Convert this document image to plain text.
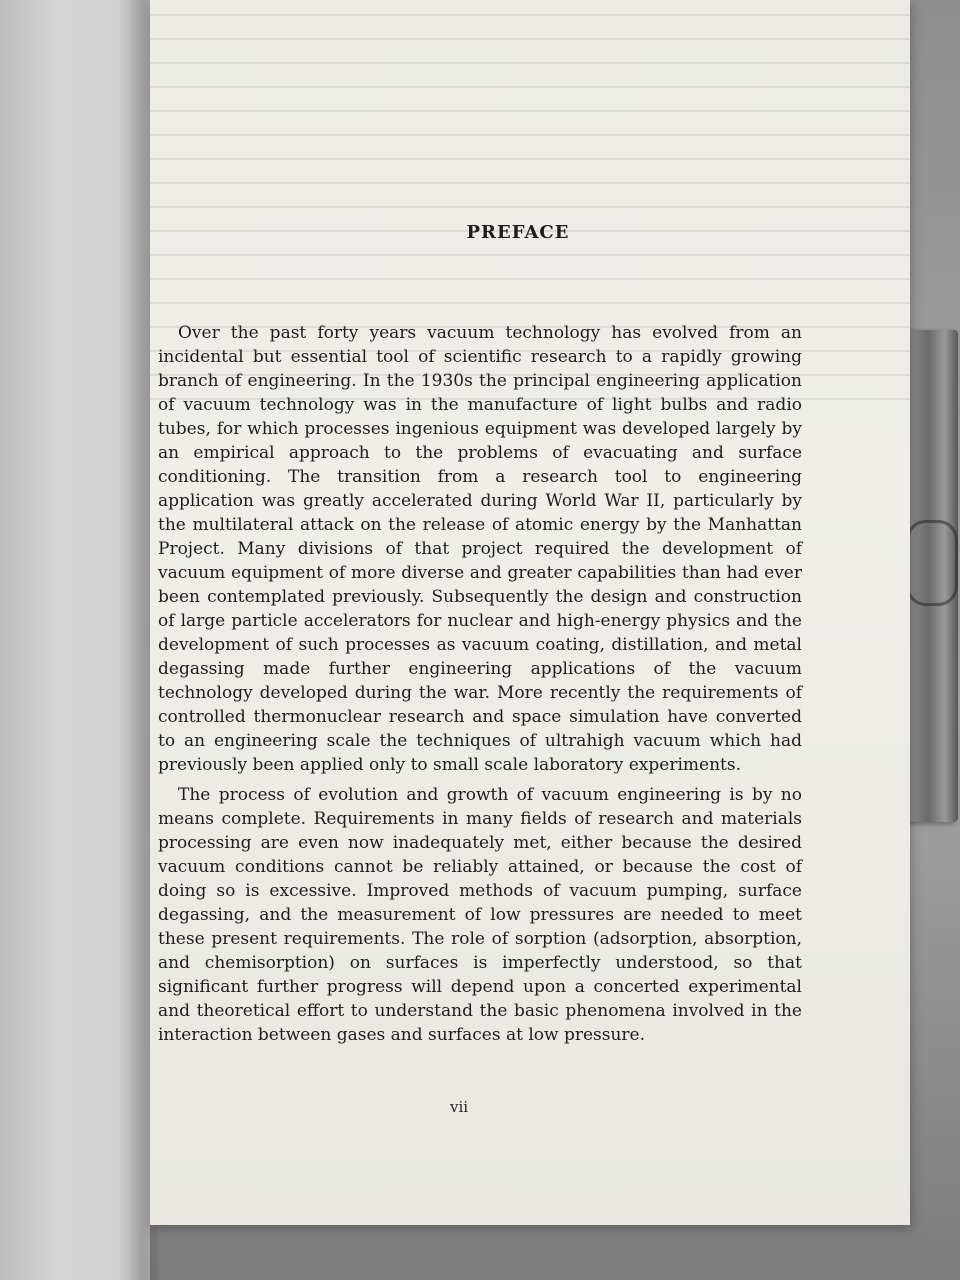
PREFACE

Over the past forty years vacuum technology has evolved from an incidental but essential tool of scientific research to a rapidly growing branch of engineering. In the 1930s the principal engineering application of vacuum technology was in the manufacture of light bulbs and radio tubes, for which processes ingenious equipment was developed largely by an empirical approach to the problems of evacuating and surface conditioning. The transition from a research tool to engineering application was greatly accelerated during World War II, particularly by the multilateral attack on the release of atomic energy by the Manhattan Project. Many divisions of that project required the development of vacuum equipment of more diverse and greater capabilities than had ever been contemplated previously. Subsequently the design and construction of large particle accelerators for nuclear and high-energy physics and the development of such processes as vacuum coating, distillation, and metal degassing made further engineering applications of the vacuum technology developed during the war. More recently the requirements of controlled thermonuclear research and space simulation have converted to an engineering scale the techniques of ultrahigh vacuum which had previously been applied only to small scale laboratory experiments.

The process of evolution and growth of vacuum engineering is by no means complete. Requirements in many fields of research and materials processing are even now inadequately met, either because the desired vacuum conditions cannot be reliably attained, or because the cost of doing so is excessive. Improved methods of vacuum pumping, surface degassing, and the measurement of low pressures are needed to meet these present requirements. The role of sorption (adsorption, absorption, and chemisorption) on surfaces is imperfectly understood, so that significant further progress will depend upon a concerted experimental and theoretical effort to understand the basic phenomena involved in the interaction between gases and surfaces at low pressure.

vii
